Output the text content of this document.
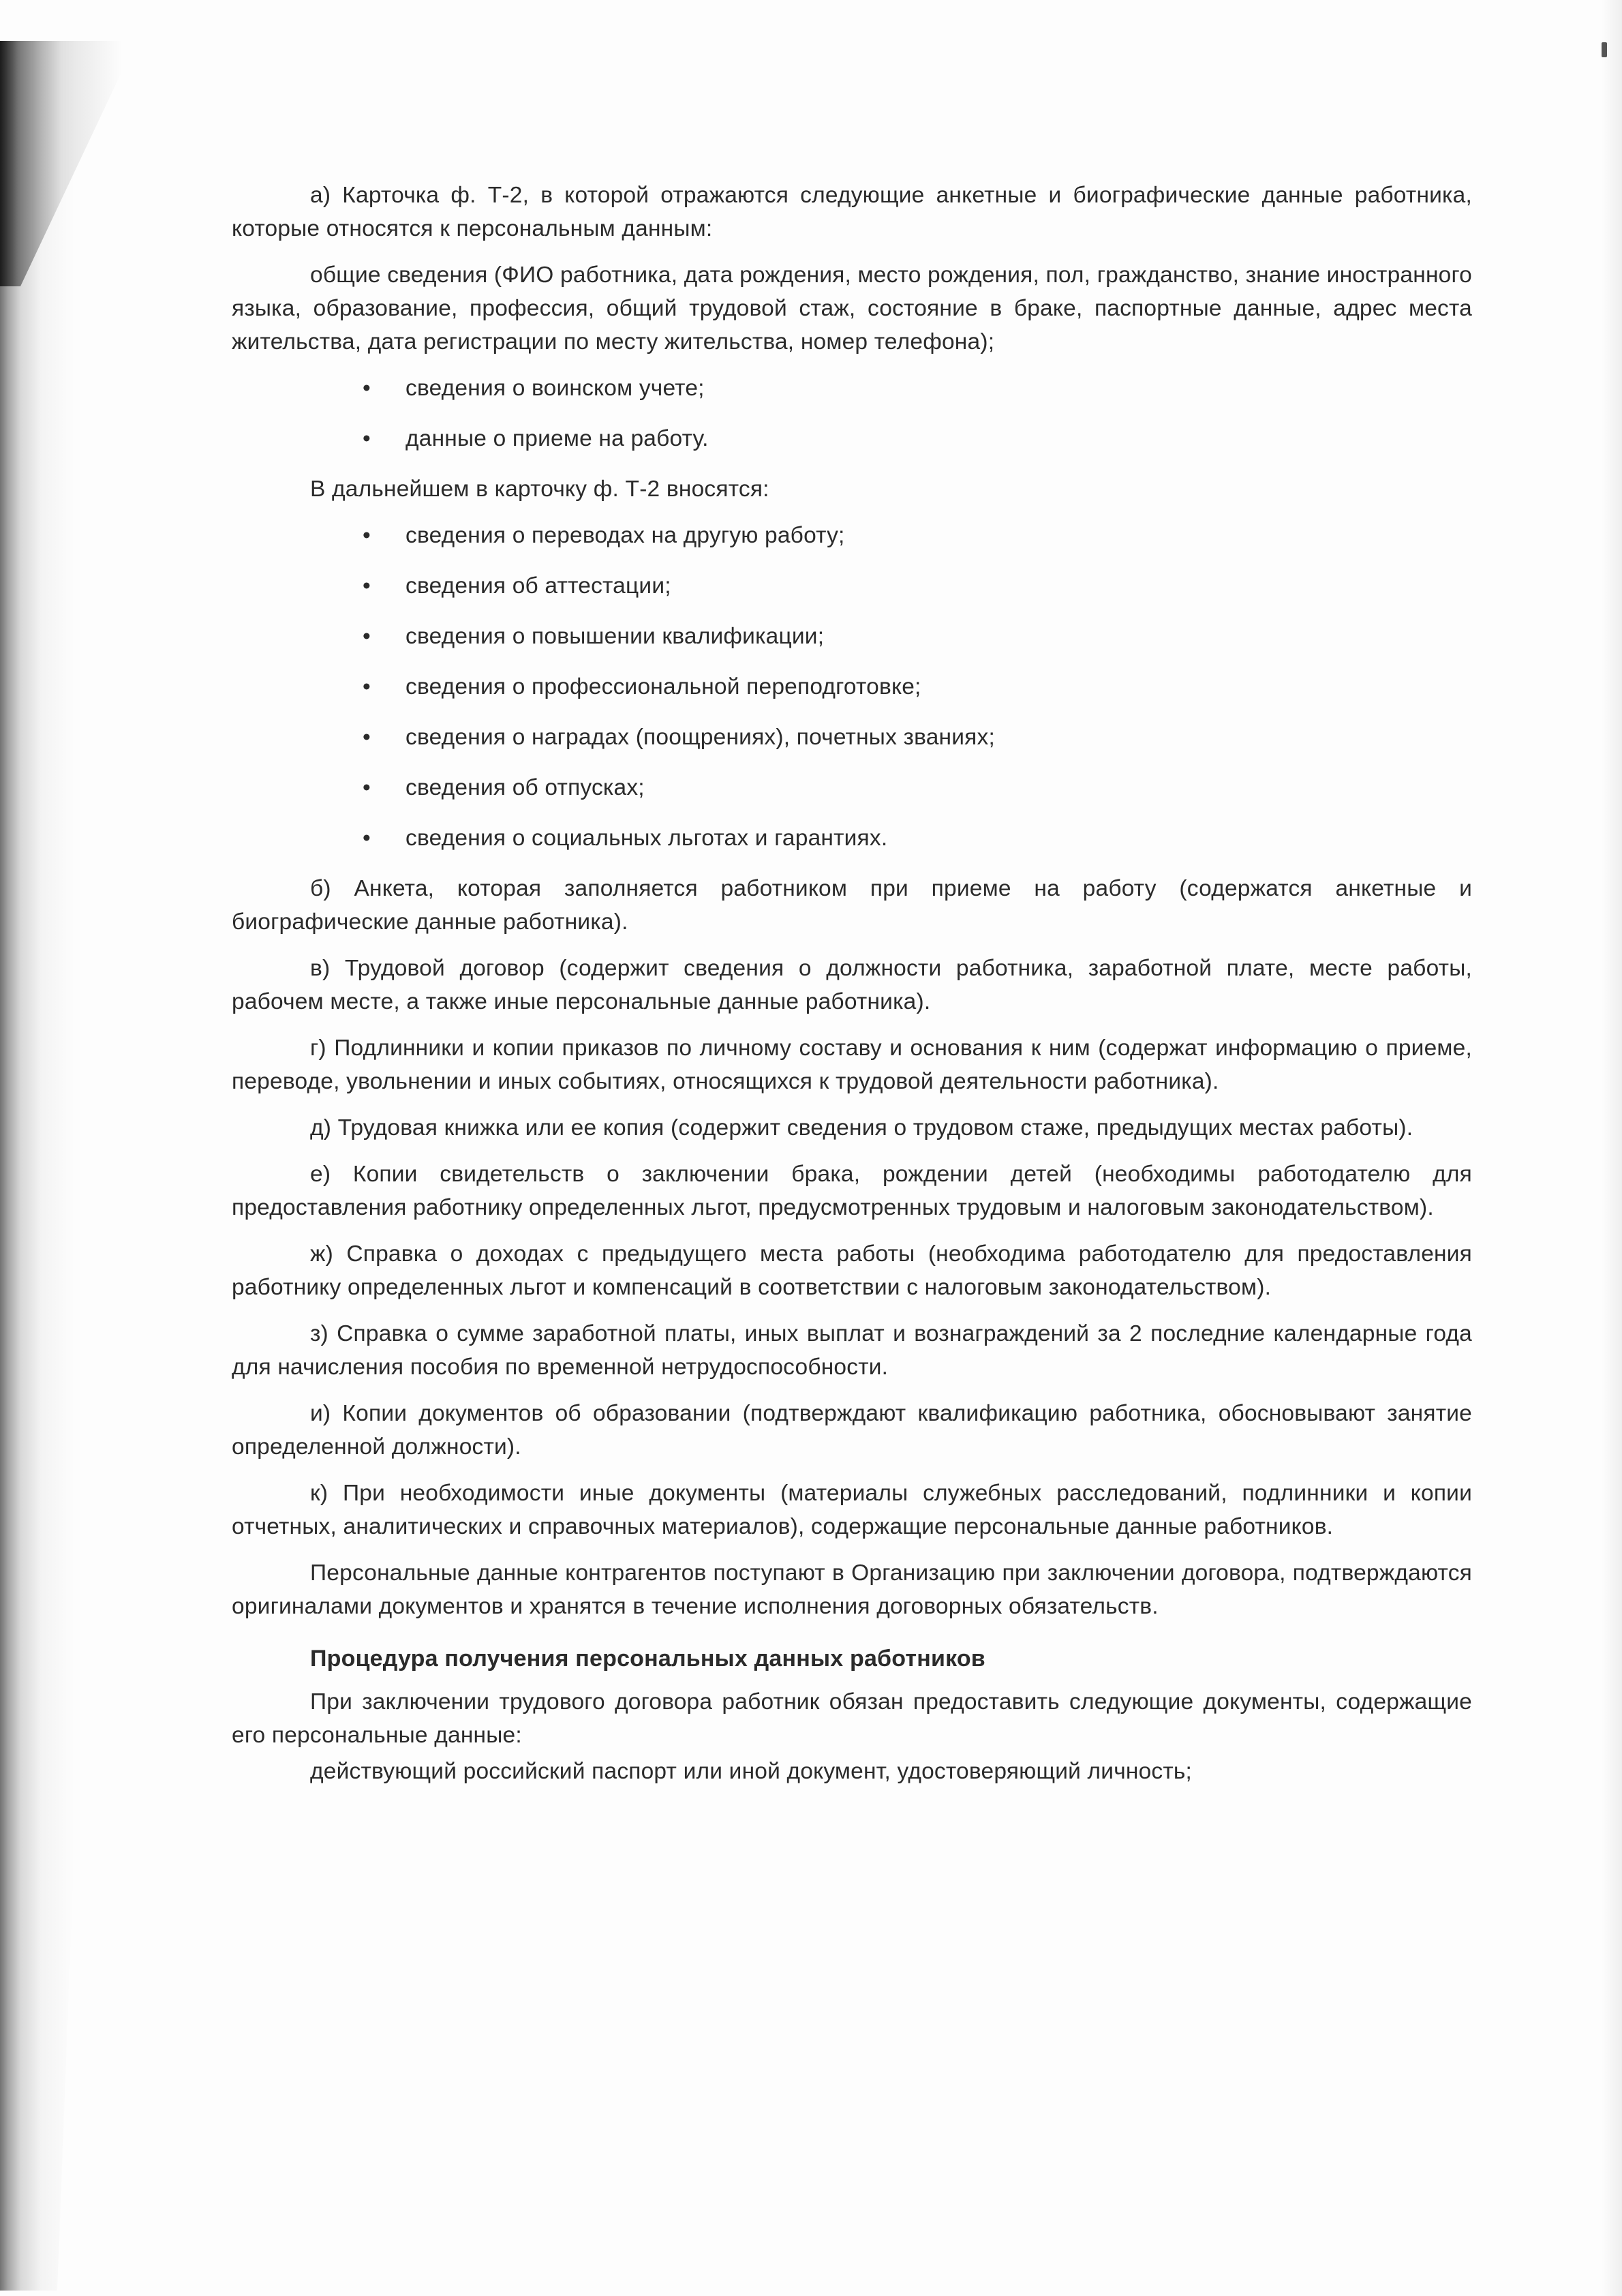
а) Карточка ф. Т-2, в которой отражаются следующие анкетные и биографические данные работника, которые относятся к персональным данным:

общие сведения (ФИО работника, дата рождения, место рождения, пол, гражданство, знание иностранного языка, образование, профессия, общий трудовой стаж, состояние в браке, паспортные данные, адрес места жительства, дата регистрации по месту жительства, номер телефона);

• сведения о воинском учете;
• данные о приеме на работу.

В дальнейшем в карточку ф. Т-2 вносятся:

• сведения о переводах на другую работу;
• сведения об аттестации;
• сведения о повышении квалификации;
• сведения о профессиональной переподготовке;
• сведения о наградах (поощрениях), почетных званиях;
• сведения об отпусках;
• сведения о социальных льготах и гарантиях.

б) Анкета, которая заполняется работником при приеме на работу (содержатся анкетные и биографические данные работника).

в) Трудовой договор (содержит сведения о должности работника, заработной плате, месте работы, рабочем месте, а также иные персональные данные работника).

г) Подлинники и копии приказов по личному составу и основания к ним (содержат информацию о приеме, переводе, увольнении и иных событиях, относящихся к трудовой деятельности работника).

д) Трудовая книжка или ее копия (содержит сведения о трудовом стаже, предыдущих местах работы).

е) Копии свидетельств о заключении брака, рождении детей (необходимы работодателю для предоставления работнику определенных льгот, предусмотренных трудовым и налоговым законодательством).

ж) Справка о доходах с предыдущего места работы (необходима работодателю для предоставления работнику определенных льгот и компенсаций в соответствии с налоговым законодательством).

з) Справка о сумме заработной платы, иных выплат и вознаграждений за 2 последние календарные года для начисления пособия по временной нетрудоспособности.

и) Копии документов об образовании (подтверждают квалификацию работника, обосновывают занятие определенной должности).

к) При необходимости иные документы (материалы служебных расследований, подлинники и копии отчетных, аналитических и справочных материалов), содержащие персональные данные работников.

Персональные данные контрагентов поступают в Организацию при заключении договора, подтверждаются оригиналами документов и хранятся в течение исполнения договорных обязательств.

Процедура получения персональных данных работников

При заключении трудового договора работник обязан предоставить следующие документы, содержащие его персональные данные:

действующий российский паспорт или иной документ, удостоверяющий личность;
